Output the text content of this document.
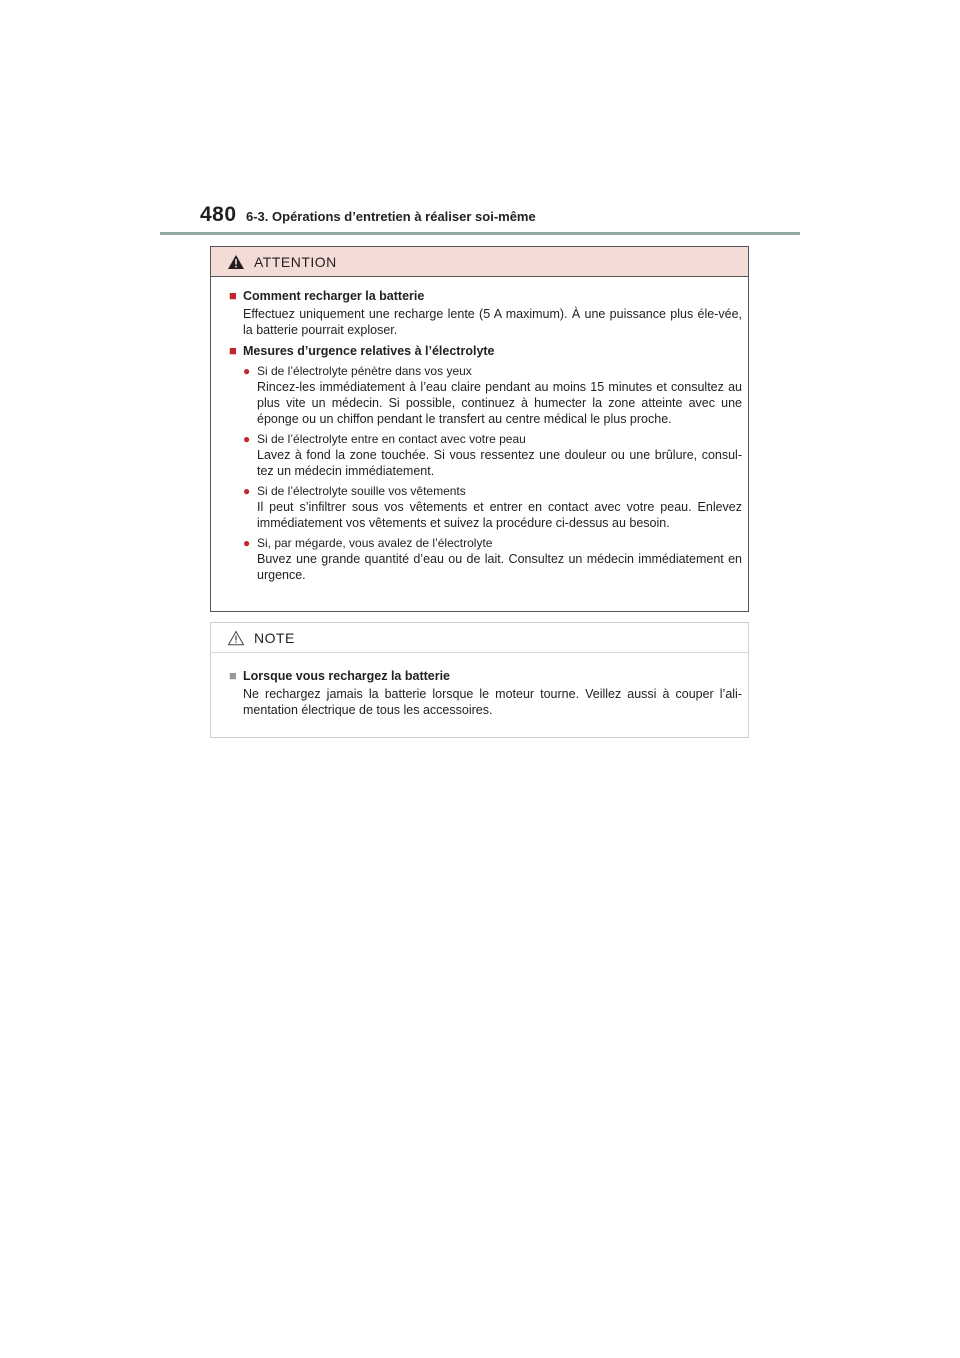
480 6-3. Opérations d’entretien à réaliser soi-même
ATTENTION
■ Comment recharger la batterie
Effectuez uniquement une recharge lente (5 A maximum). À une puissance plus éle-vée, la batterie pourrait exploser.
■ Mesures d’urgence relatives à l’électrolyte
● Si de l’électrolyte pénètre dans vos yeux
Rincez-les immédiatement à l’eau claire pendant au moins 15 minutes et consultez au plus vite un médecin. Si possible, continuez à humecter la zone atteinte avec une éponge ou un chiffon pendant le transfert au centre médical le plus proche.
● Si de l’électrolyte entre en contact avec votre peau
Lavez à fond la zone touchée. Si vous ressentez une douleur ou une brûlure, consul-tez un médecin immédiatement.
● Si de l’électrolyte souille vos vêtements
Il peut s’infiltrer sous vos vêtements et entrer en contact avec votre peau. Enlevez immédiatement vos vêtements et suivez la procédure ci-dessus au besoin.
● Si, par mégarde, vous avalez de l’électrolyte
Buvez une grande quantité d’eau ou de lait. Consultez un médecin immédiatement en urgence.
NOTE
■ Lorsque vous rechargez la batterie
Ne rechargez jamais la batterie lorsque le moteur tourne. Veillez aussi à couper l’ali-mentation électrique de tous les accessoires.
